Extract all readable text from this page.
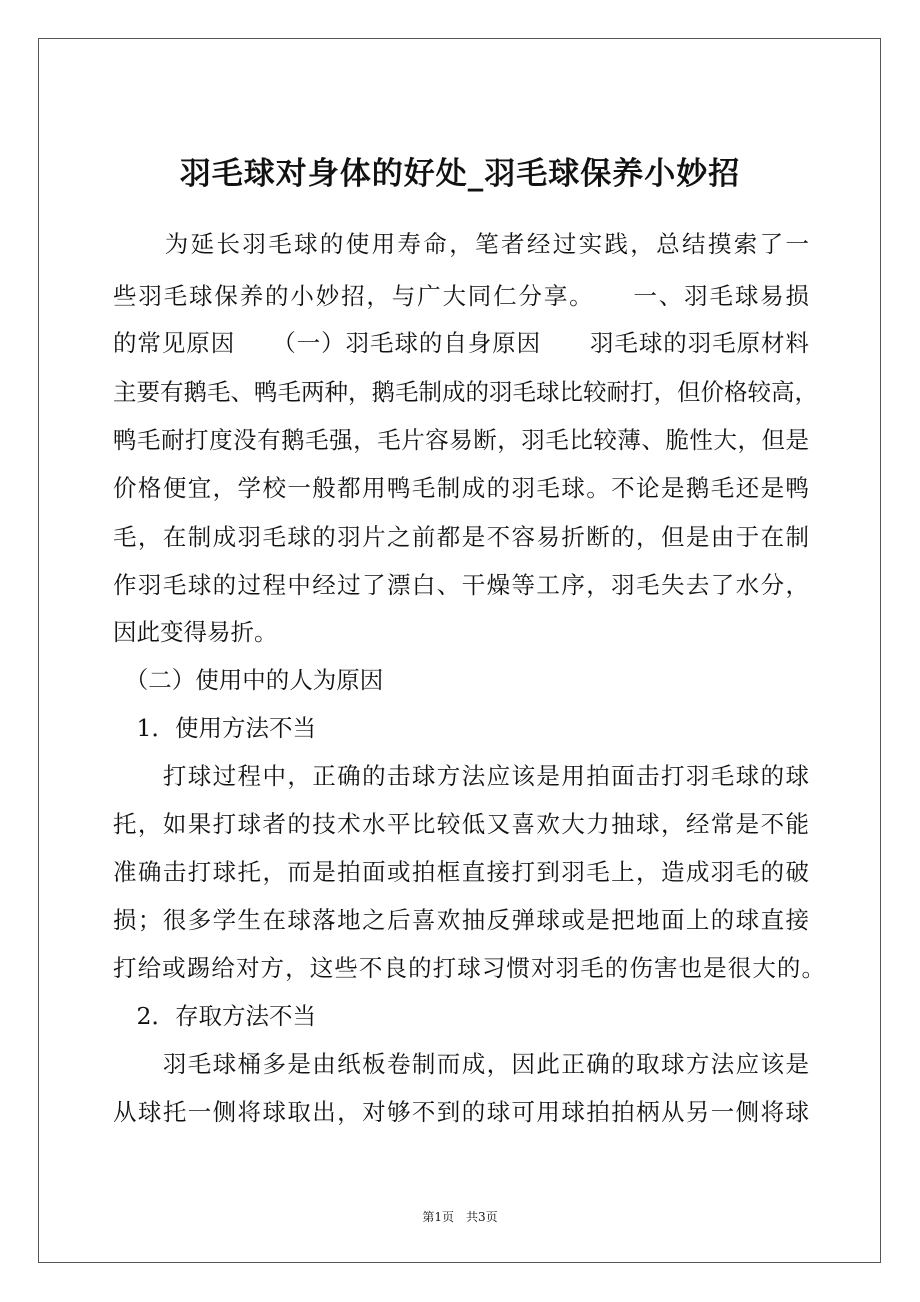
羽毛球对身体的好处_羽毛球保养小妙招
　　为延长羽毛球的使用寿命，笔者经过实践，总结摸索了一
些羽毛球保养的小妙招，与广大同仁分享。　　一、羽毛球易损
的常见原因　　（一）羽毛球的自身原因　　羽毛球的羽毛原材料
主要有鹅毛、鸭毛两种，鹅毛制成的羽毛球比较耐打，但价格较高，
鸭毛耐打度没有鹅毛强，毛片容易断，羽毛比较薄、脆性大，但是
价格便宜，学校一般都用鸭毛制成的羽毛球。不论是鹅毛还是鸭
毛，在制成羽毛球的羽片之前都是不容易折断的，但是由于在制
作羽毛球的过程中经过了漂白、干燥等工序，羽毛失去了水分，
因此变得易折。
　（二）使用中的人为原因
　1．使用方法不当
　　打球过程中，正确的击球方法应该是用拍面击打羽毛球的球
托，如果打球者的技术水平比较低又喜欢大力抽球，经常是不能
准确击打球托，而是拍面或拍框直接打到羽毛上，造成羽毛的破
损；很多学生在球落地之后喜欢抽反弹球或是把地面上的球直接
打给或踢给对方，这些不良的打球习惯对羽毛的伤害也是很大的。
　2．存取方法不当
　　羽毛球桶多是由纸板卷制而成，因此正确的取球方法应该是
从球托一侧将球取出，对够不到的球可用球拍拍柄从另一侧将球
第1页　共3页
